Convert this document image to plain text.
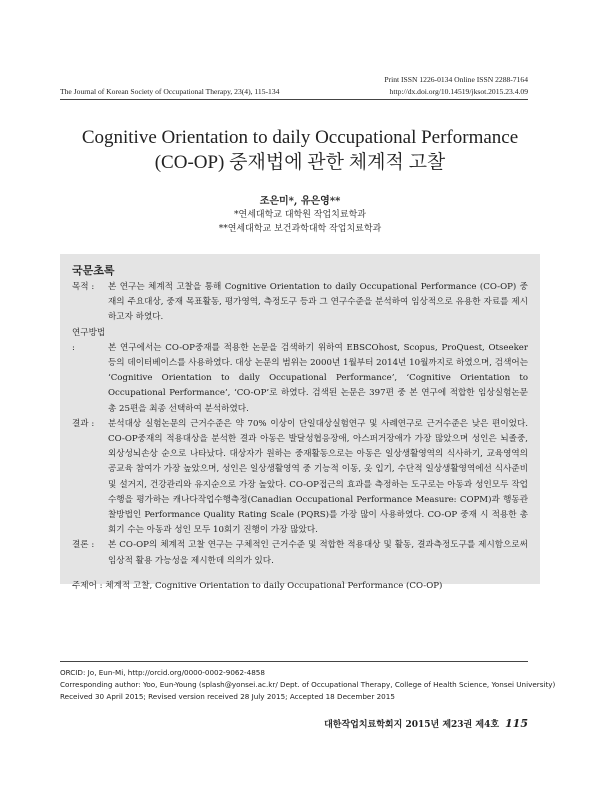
The Journal of Korean Society of Occupational Therapy, 23(4), 115-134
Print ISSN 1226-0134 Online ISSN 2288-7164
http://dx.doi.org/10.14519/jksot.2015.23.4.09
Cognitive Orientation to daily Occupational Performance
(CO-OP) 중재법에 관한 체계적 고찰
조은미*, 유은영**
*연세대학교 대학원 작업치료학과
**연세대학교 보건과학대학 작업치료학과
국문초록

목적 :본 연구는 체계적 고찰을 통해 Cognitive Orientation to daily Occupational Performance (CO-OP) 중재의 주요대상, 중재 목표활동, 평가영역, 측정도구 등과 그 연구수준을 분석하여 임상적으로 유용한 자료를 제시하고자 하였다.

연구방법 :	본 연구에서는 CO-OP중재를 적용한 논문을 검색하기 위하여 EBSCOhost, Scopus, ProQuest, Otseeker 등의 데이터베이스를 사용하였다. 대상 논문의 범위는 2000년 1월부터 2014년 10월까지로 하였으며, 검색어는 ‘Cognitive Orientation to daily Occupational Performance’, ‘Cognitive Orientation to Occupational Performance’, ‘CO-OP’로 하였다. 검색된 논문은 397편 중 본 연구에 적합한 임상실험논문 총 25편을 최종 선택하여 분석하였다.

결과 :분석대상 실험논문의 근거수준은 약 70% 이상이 단일대상실험연구 및 사례연구로 근거수준은 낮은 편이었다. CO-OP중재의 적용대상을 분석한 결과 아동은 발달성협응장애, 아스퍼거장애가 가장 많았으며 성인은 뇌졸중, 외상성뇌손상 순으로 나타났다. 대상자가 원하는 중재활동으로는 아동은 일상생활영역의 식사하기, 교육영역의 공교육 참여가 가장 높았으며, 성인은 일상생활영역 중 기능적 이동, 옷 입기, 수단적 일상생활영역에선 식사준비 및 설거지, 건강관리와 유지순으로 가장 높았다. CO-OP접근의 효과를 측정하는 도구로는 아동과 성인모두 작업수행을 평가하는 캐나다작업수행측정(Canadian Occupational Performance Measure: COPM)과 행동관찰방법인 Performance Quality Rating Scale (PQRS)를 가장 많이 사용하였다. CO-OP 중재 시 적용한 총 회기 수는 아동과 성인 모두 10회기 진행이 가장 많았다.

결론 :본 CO-OP의 체계적 고찰 연구는 구체적인 근거수준 및 적합한 적용대상 및 활동, 결과측정도구를 제시함으로써 임상적 활용 가능성을 제시한데 의의가 있다.

주제어 : 체계적 고찰, Cognitive Orientation to daily Occupational Performance (CO-OP)
ORCID: Jo, Eun-Mi, http://orcid.org/0000-0002-9062-4858
Corresponding author: Yoo, Eun-Young (splash@yonsei.ac.kr/ Dept. of Occupational Therapy, College of Health Science, Yonsei University)
Received 30 April 2015; Revised version received 28 July 2015; Accepted 18 December 2015
대한작업치료학회지 2015년 제23권 제4호 115
